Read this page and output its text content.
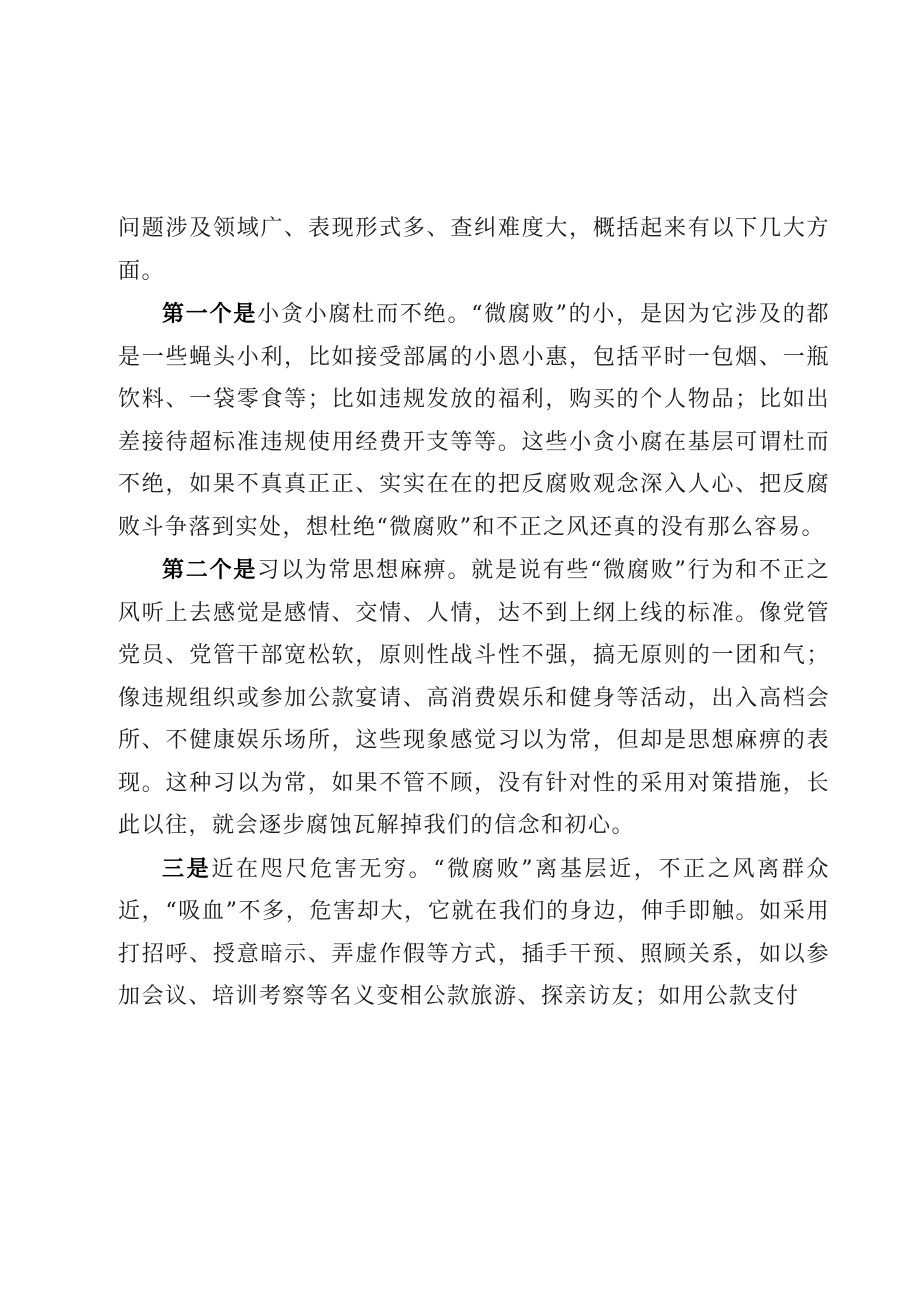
问题涉及领域广、表现形式多、查纠难度大，概括起来有以下几大方面。

第一个是小贪小腐杜而不绝。“微腐败”的小，是因为它涉及的都是一些蝇头小利，比如接受部属的小恩小惠，包括平时一包烟、一瓶饮料、一袋零食等；比如违规发放的福利，购买的个人物品；比如出差接待超标准违规使用经费开支等等。这些小贪小腐在基层可谓杜而不绝，如果不真真正正、实实在在的把反腐败观念深入人心、把反腐败斗争落到实处，想杜绝“微腐败”和不正之风还真的没有那么容易。

第二个是习以为常思想麻痹。就是说有些“微腐败”行为和不正之风听上去感觉是感情、交情、人情，达不到上纲上线的标准。像党管党员、党管干部宽松软，原则性战斗性不强，搞无原则的一团和气；像违规组织或参加公款宴请、高消费娱乐和健身等活动，出入高档会所、不健康娱乐场所，这些现象感觉习以为常，但却是思想麻痹的表现。这种习以为常，如果不管不顾，没有针对性的采用对策措施，长此以往，就会逐步腐蚀瓦解掉我们的信念和初心。

三是近在咫尺危害无穷。“微腐败”离基层近，不正之风离群众近，“吸血”不多，危害却大，它就在我们的身边，伸手即触。如采用打招呼、授意暗示、弄虚作假等方式，插手干预、照顾关系，如以参加会议、培训考察等名义变相公款旅游、探亲访友；如用公款支付
